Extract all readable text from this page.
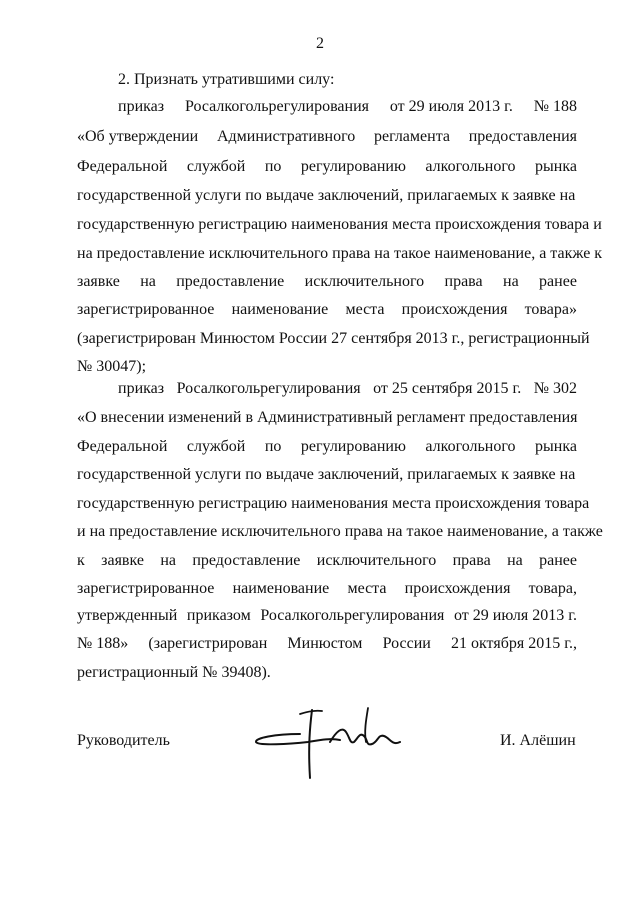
2
2. Признать утратившими силу:
приказ Росалкогольрегулирования от 29 июля 2013 г. № 188
«Об утверждении Административного регламента предоставления
Федеральной службой по регулированию алкогольного рынка
государственной услуги по выдаче заключений, прилагаемых к заявке на
государственную регистрацию наименования места происхождения товара и
на предоставление исключительного права на такое наименование, а также к
заявке на предоставление исключительного права на ранее
зарегистрированное наименование места происхождения товара»
(зарегистрирован Минюстом России 27 сентября 2013 г., регистрационный
№ 30047);
приказ Росалкогольрегулирования от 25 сентября 2015 г. № 302
«О внесении изменений в Административный регламент предоставления
Федеральной службой по регулированию алкогольного рынка
государственной услуги по выдаче заключений, прилагаемых к заявке на
государственную регистрацию наименования места происхождения товара
и на предоставление исключительного права на такое наименование, а также
к заявке на предоставление исключительного права на ранее
зарегистрированное наименование места происхождения товара,
утвержденный приказом Росалкогольрегулирования от 29 июля 2013 г.
№ 188» (зарегистрирован Минюстом России 21 октября 2015 г.,
регистрационный № 39408).
Руководитель	И. Алёшин
